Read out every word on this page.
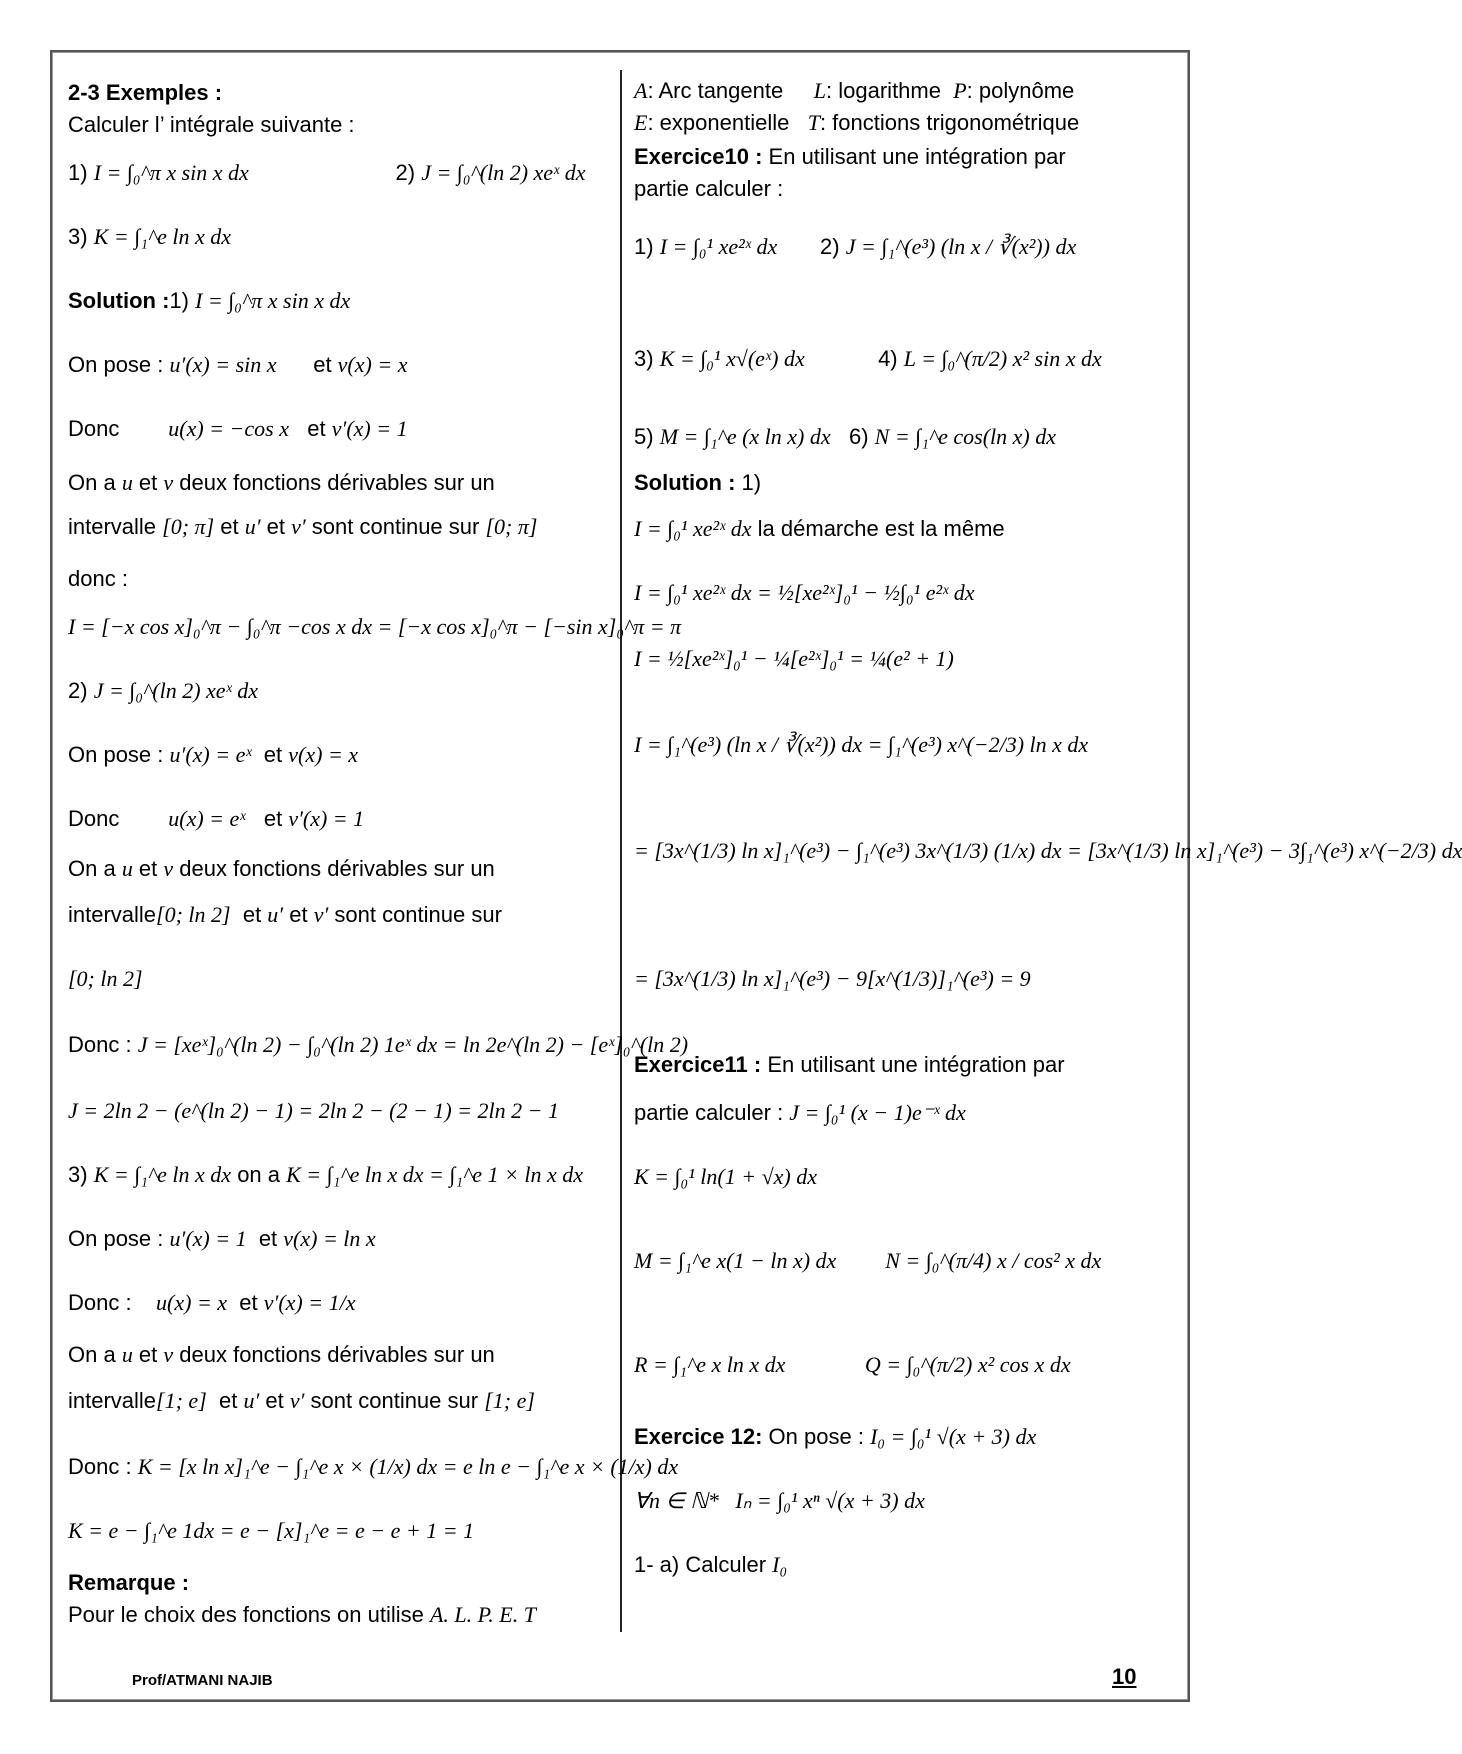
2-3 Exemples :
Calculer l’ intégrale suivante :
1) I = ∫₀^π x sin x dx                        2) J = ∫₀^(ln 2) xeˣ dx
3) K = ∫₁^e ln x dx
Solution :1) I = ∫₀^π x sin x dx
On pose : u′(x) = sin x      et v(x) = x
Donc        u(x) = −cos x   et v′(x) = 1
On a u et v deux fonctions dérivables sur un
intervalle [0; π] et u′ et v′ sont continue sur [0; π]
donc :
I = [−x cos x]₀^π − ∫₀^π −cos x dx = [−x cos x]₀^π − [−sin x]₀^π = π
2) J = ∫₀^(ln 2) xeˣ dx
On pose : u′(x) = eˣ  et v(x) = x
Donc        u(x) = eˣ   et v′(x) = 1
On a u et v deux fonctions dérivables sur un
intervalle[0; ln 2]  et u′ et v′ sont continue sur
[0; ln 2]
Donc : J = [xeˣ]₀^(ln 2) − ∫₀^(ln 2) 1eˣ dx = ln 2e^(ln 2) − [eˣ]₀^(ln 2)
J = 2ln 2 − (e^(ln 2) − 1) = 2ln 2 − (2 − 1) = 2ln 2 − 1
3) K = ∫₁^e ln x dx on a K = ∫₁^e ln x dx = ∫₁^e 1 × ln x dx
On pose : u′(x) = 1  et v(x) = ln x
Donc :    u(x) = x  et v′(x) = 1/x
On a u et v deux fonctions dérivables sur un
intervalle[1; e]  et u′ et v′ sont continue sur [1; e]
Donc : K = [x ln x]₁^e − ∫₁^e x × (1/x) dx = e ln e − ∫₁^e x × (1/x) dx
K = e − ∫₁^e 1dx = e − [x]₁^e = e − e + 1 = 1
Remarque :
Pour le choix des fonctions on utilise A. L. P. E. T
A: Arc tangente     L: logarithme  P: polynôme
E: exponentielle   T: fonctions trigonométrique
Exercice10 : En utilisant une intégration par
partie calculer :
1) I = ∫₀¹ xe²ˣ dx       2) J = ∫₁^(e³) (ln x / ∛(x²)) dx
3) K = ∫₀¹ x√(eˣ) dx            4) L = ∫₀^(π/2) x² sin x dx
5) M = ∫₁^e (x ln x) dx   6) N = ∫₁^e cos(ln x) dx
Solution : 1)
I = ∫₀¹ xe²ˣ dx la démarche est la même
I = ∫₀¹ xe²ˣ dx = ½[xe²ˣ]₀¹ − ½∫₀¹ e²ˣ dx
I = ½[xe²ˣ]₀¹ − ¼[e²ˣ]₀¹ = ¼(e² + 1)
I = ∫₁^(e³) (ln x / ∛(x²)) dx = ∫₁^(e³) x^(−2/3) ln x dx
= [3x^(1/3) ln x]₁^(e³) − ∫₁^(e³) 3x^(1/3) (1/x) dx = [3x^(1/3) ln x]₁^(e³) − 3∫₁^(e³) x^(−2/3) dx
= [3x^(1/3) ln x]₁^(e³) − 9[x^(1/3)]₁^(e³) = 9
Exercice11 : En utilisant une intégration par
partie calculer : J = ∫₀¹ (x − 1)e⁻ˣ dx
K = ∫₀¹ ln(1 + √x) dx
M = ∫₁^e x(1 − ln x) dx N = ∫₀^(π/4) x / cos² x dx
R = ∫₁^e x ln x dx	Q = ∫₀^(π/2) x² cos x dx
Exercice 12: On pose : I₀ = ∫₀¹ √(x + 3) dx
∀n ∈ ℕ*   Iₙ = ∫₀¹ xⁿ √(x + 3) dx
1- a) Calculer I₀
Prof/ATMANI NAJIB	10
